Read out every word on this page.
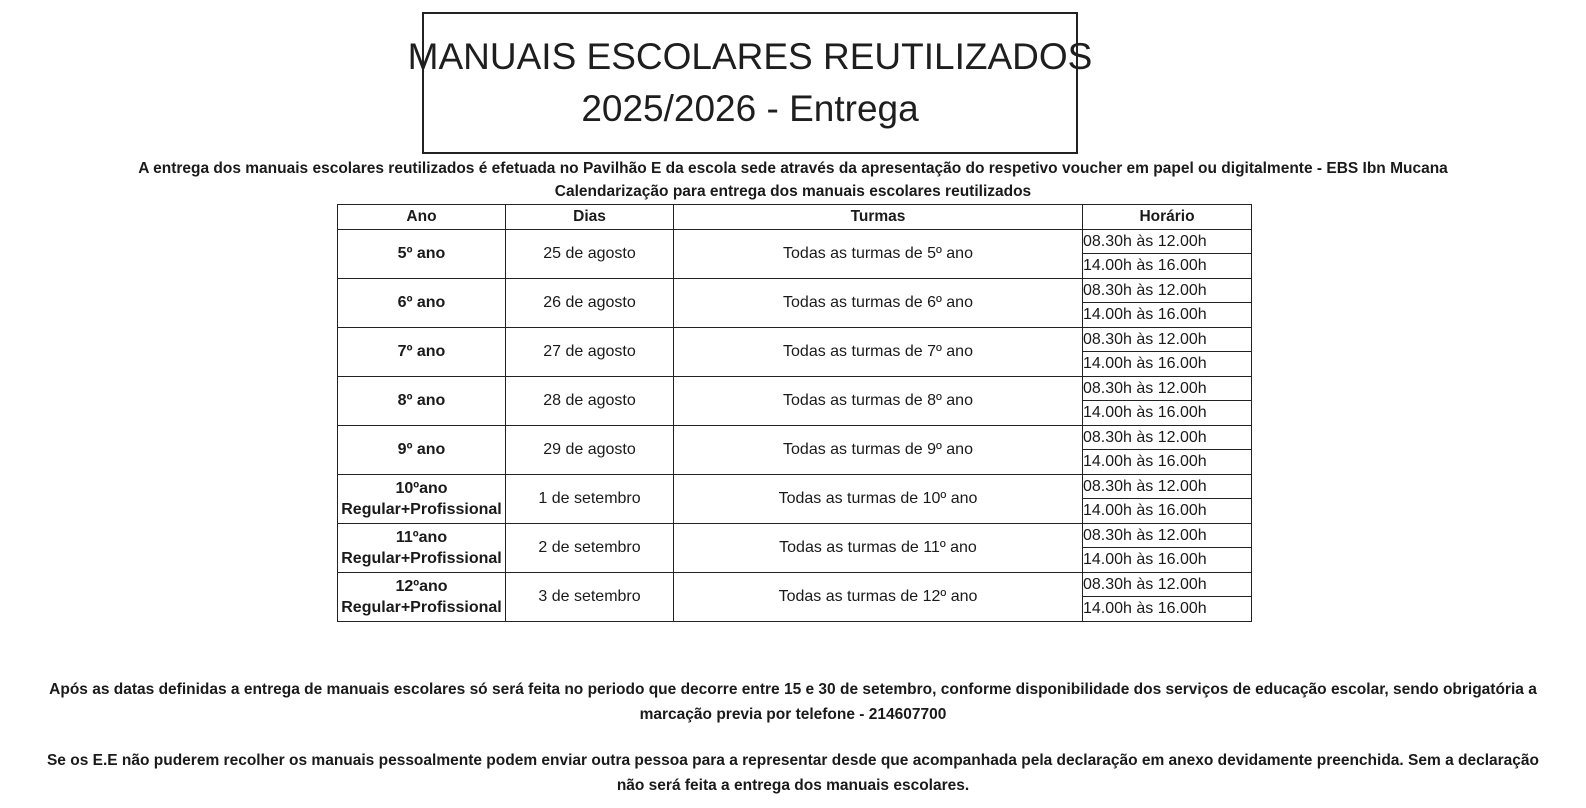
MANUAIS ESCOLARES REUTILIZADOS
2025/2026 - Entrega
A entrega dos manuais escolares reutilizados é efetuada no Pavilhão E da escola sede através da apresentação do respetivo voucher em papel ou digitalmente - EBS Ibn Mucana
Calendarização para entrega dos manuais escolares reutilizados
Ano	Dias	Turmas	Horário

5º ano	25 de agosto	Todas as turmas de 5º ano	08.30h às 12.00h
			14.00h às 16.00h

6º ano	26 de agosto	Todas as turmas de 6º ano	08.30h às 12.00h
			14.00h às 16.00h

7º ano	27 de agosto	Todas as turmas de 7º ano	08.30h às 12.00h
			14.00h às 16.00h

8º ano	28 de agosto	Todas as turmas de 8º ano	08.30h às 12.00h
			14.00h às 16.00h

9º ano	29 de agosto	Todas as turmas de 9º ano	08.30h às 12.00h
			14.00h às 16.00h

10ºano
Regular+Profissional	1 de setembro	Todas as turmas de 10º ano	08.30h às 12.00h
			14.00h às 16.00h

11ºano
Regular+Profissional	2 de setembro	Todas as turmas de 11º ano	08.30h às 12.00h
			14.00h às 16.00h

12ºano
Regular+Profissional	3 de setembro	Todas as turmas de 12º ano	08.30h às 12.00h
			14.00h às 16.00h
Após as datas definidas a entrega de manuais escolares só será feita no periodo que decorre entre 15 e 30 de setembro, conforme disponibilidade dos serviços de educação escolar, sendo obrigatória a
marcação previa por telefone - 214607700
Se os E.E não puderem recolher os manuais pessoalmente podem enviar outra pessoa para a representar desde que acompanhada pela declaração em anexo devidamente preenchida. Sem a declaração
não será feita a entrega dos manuais escolares.
